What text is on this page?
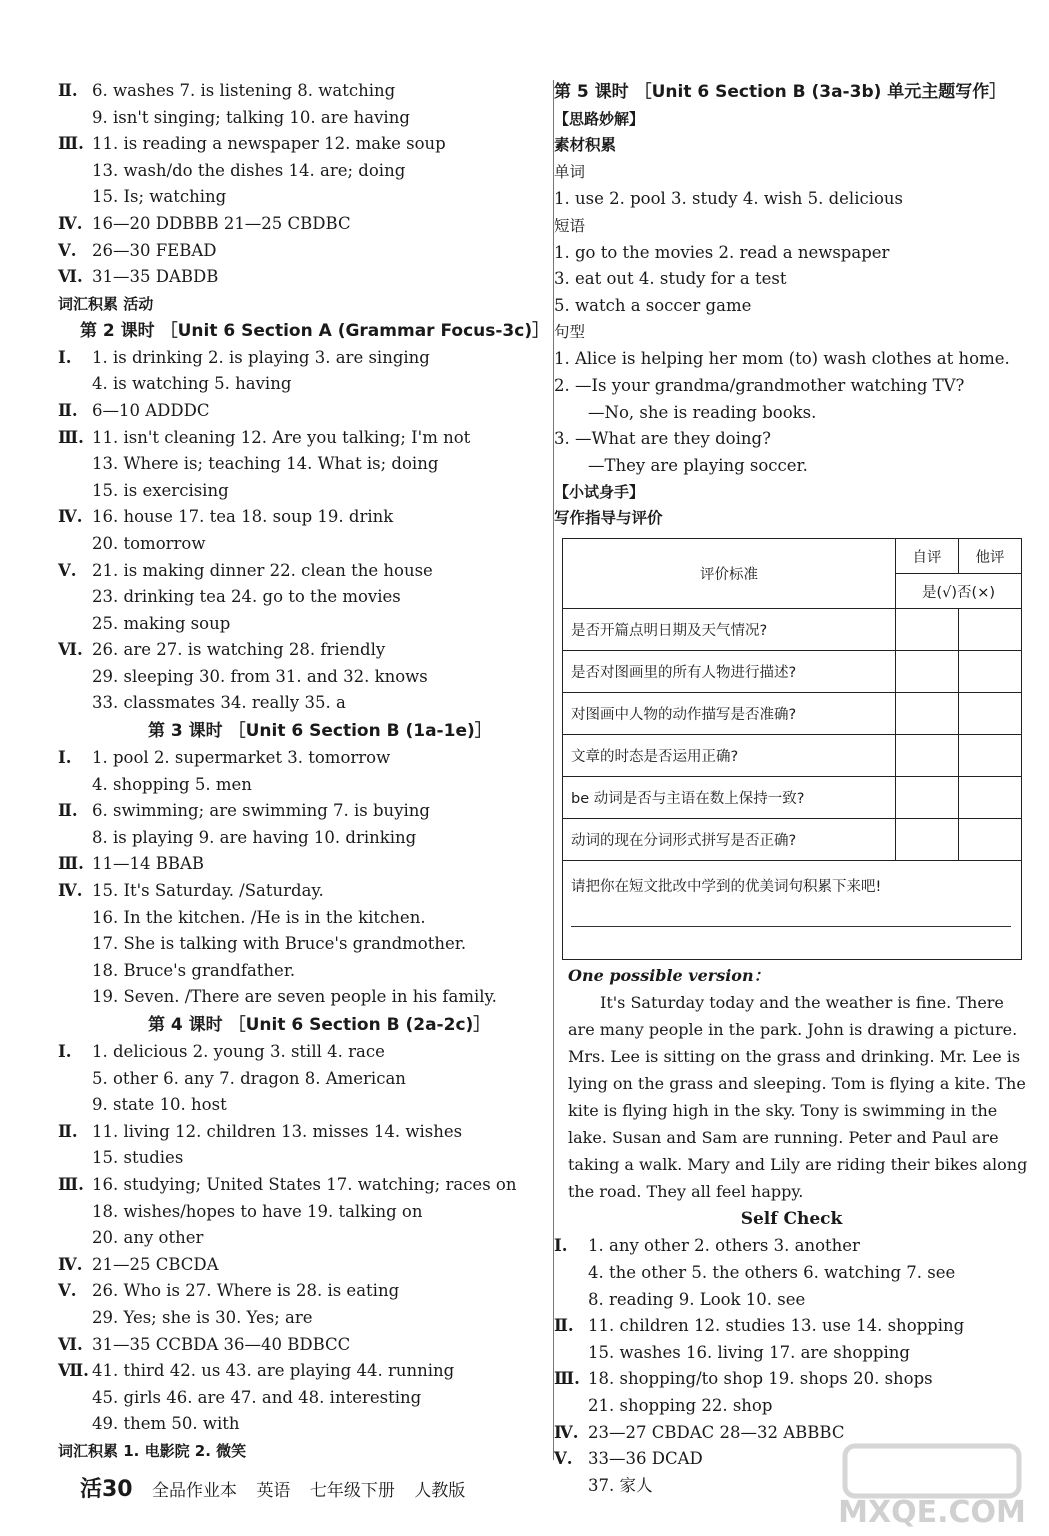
Ⅱ. 6. washes 7. is listening 8. watching
9. isn't singing; talking 10. are having
Ⅲ. 11. is reading a newspaper 12. make soup
13. wash/do the dishes 14. are; doing
15. Is; watching
Ⅳ. 16—20 DDBBB 21—25 CBDBC
Ⅴ. 26—30 FEBAD
Ⅵ. 31—35 DABDB
词汇积累 活动
第 2 课时 ［Unit 6 Section A (Grammar Focus-3c)］
Ⅰ. 1. is drinking 2. is playing 3. are singing
4. is watching 5. having
Ⅱ. 6—10 ADDDC
Ⅲ. 11. isn't cleaning 12. Are you talking; I'm not
13. Where is; teaching 14. What is; doing
15. is exercising
Ⅳ. 16. house 17. tea 18. soup 19. drink
20. tomorrow
Ⅴ. 21. is making dinner 22. clean the house
23. drinking tea 24. go to the movies
25. making soup
Ⅵ. 26. are 27. is watching 28. friendly
29. sleeping 30. from 31. and 32. knows
33. classmates 34. really 35. a
第 3 课时 ［Unit 6 Section B (1a-1e)］
Ⅰ. 1. pool 2. supermarket 3. tomorrow
4. shopping 5. men
Ⅱ. 6. swimming; are swimming 7. is buying
8. is playing 9. are having 10. drinking
Ⅲ. 11—14 BBAB
Ⅳ. 15. It's Saturday. /Saturday.
16. In the kitchen. /He is in the kitchen.
17. She is talking with Bruce's grandmother.
18. Bruce's grandfather.
19. Seven. /There are seven people in his family.
第 4 课时 ［Unit 6 Section B (2a-2c)］
Ⅰ. 1. delicious 2. young 3. still 4. race
5. other 6. any 7. dragon 8. American
9. state 10. host
Ⅱ. 11. living 12. children 13. misses 14. wishes
15. studies
Ⅲ. 16. studying; United States 17. watching; races on
18. wishes/hopes to have 19. talking on
20. any other
Ⅳ. 21—25 CBCDA
Ⅴ. 26. Who is 27. Where is 28. is eating
29. Yes; she is 30. Yes; are
Ⅵ. 31—35 CCBDA 36—40 BDBCC
Ⅶ. 41. third 42. us 43. are playing 44. running
45. girls 46. are 47. and 48. interesting
49. them 50. with
词汇积累 1. 电影院 2. 微笑
第 5 课时 ［Unit 6 Section B (3a-3b) 单元主题写作］
【思路妙解】
素材积累
单词
1. use 2. pool 3. study 4. wish 5. delicious
短语
1. go to the movies 2. read a newspaper
3. eat out 4. study for a test
5. watch a soccer game
句型
1. Alice is helping her mom (to) wash clothes at home.
2. —Is your grandma/grandmother watching TV?
—No, she is reading books.
3. —What are they doing?
—They are playing soccer.
【小试身手】
写作指导与评价
评价标准	自评	他评
	是(√)否(×)	
是否开篇点明日期及天气情况?		
是否对图画里的所有人物进行描述?		
对图画中人物的动作描写是否准确?		
文章的时态是否运用正确?		
be 动词是否与主语在数上保持一致?		
动词的现在分词形式拼写是否正确?		

请把你在短文批改中学到的优美词句积累下来吧!		
One possible version：
It's Saturday today and the weather is fine. There are many people in the park. John is drawing a picture. Mrs. Lee is sitting on the grass and drinking. Mr. Lee is lying on the grass and sleeping. Tom is flying a kite. The kite is flying high in the sky. Tony is swimming in the lake. Susan and Sam are running. Peter and Paul are taking a walk. Mary and Lily are riding their bikes along the road. They all feel happy.
Self Check
Ⅰ. 1. any other 2. others 3. another
4. the other 5. the others 6. watching 7. see
8. reading 9. Look 10. see
Ⅱ. 11. children 12. studies 13. use 14. shopping
15. washes 16. living 17. are shopping
Ⅲ. 18. shopping/to shop 19. shops 20. shops
21. shopping 22. shop
Ⅳ. 23—27 CBDAC 28—32 ABBBC
Ⅴ. 33—36 DCAD
37. 家人
活30 全品作业本 英语 七年级下册 人教版
MXQE.COM
